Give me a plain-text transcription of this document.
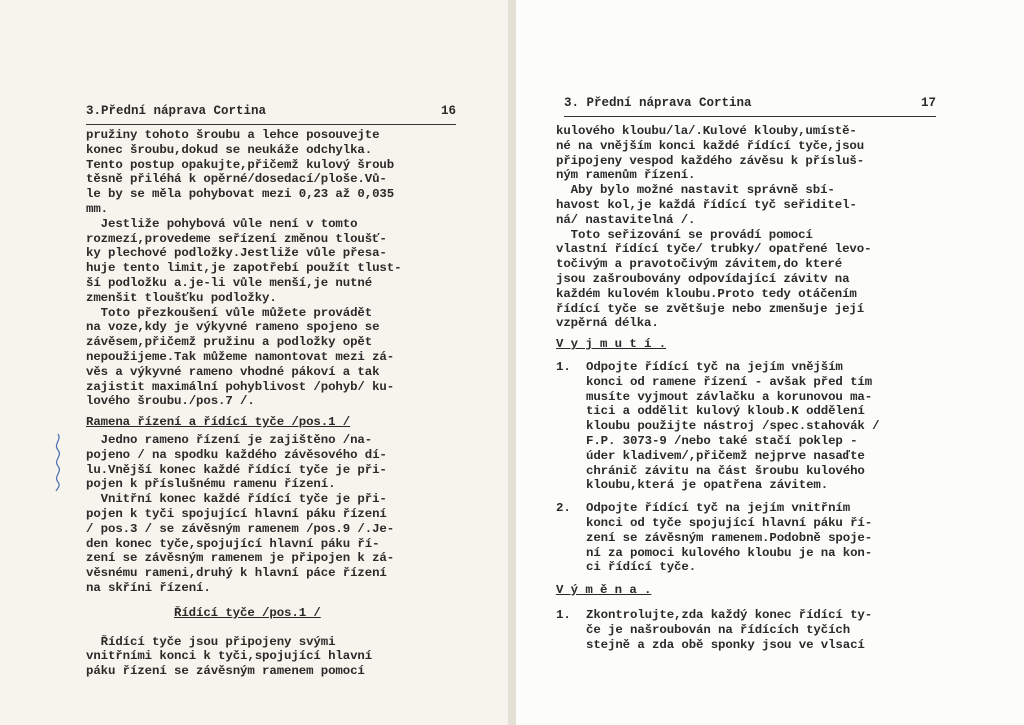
3.Přední náprava Cortina	16
pružiny tohoto šroubu a lehce posouvejte
konec šroubu,dokud se neukáže odchylka.
Tento postup opakujte,přičemž kulový šroub
těsně přiléhá k opěrné/dosedací/ploše.Vů-
le by se měla pohybovat mezi 0,23 až 0,035
mm.
Jestliže pohybová vůle není v tomto
rozmezí,provedeme seřízení změnou tloušť-
ky plechové podložky.Jestliže vůle přesa-
huje tento limit,je zapotřebí použít tlust-
ší podložku a.je-li vůle menší,je nutné
zmenšit tloušťku podložky.
Toto přezkoušení vůle můžete provádět
na voze,kdy je výkyvné rameno spojeno se
závěsem,přičemž pružinu a podložky opět
nepoužijeme.Tak můžeme namontovat mezi zá-
věs a výkyvné rameno vhodné pákoví a tak
zajistit maximální pohyblivost /pohyb/ ku-
lového šroubu./pos.7 /.
Ramena řízení a řídící tyče /pos.1 /
Jedno rameno řízení je zajištěno /na-
pojeno / na spodku každého závěsového dí-
lu.Vnější konec každé řídící tyče je při-
pojen k příslušnému ramenu řízení.
Vnitřní konec každé řídící tyče je při-
pojen k tyči spojující hlavní páku řízení
/ pos.3 / se závěsným ramenem /pos.9 /.Je-
den konec tyče,spojující hlavní páku ří-
zení se závěsným ramenem je připojen k zá-
věsnému rameni,druhý k hlavní páce řízení
na skříni řízení.
Řídící tyče /pos.1 /
Řídící tyče jsou připojeny svými
vnitřními konci k tyči,spojující hlavní
páku řízení se závěsným ramenem pomocí
3. Přední náprava Cortina	17
kulového kloubu/la/.Kulové klouby,umístě-
né na vnějším konci každé řídící tyče,jsou
připojeny vespod každého závěsu k přísluš-
ným ramenům řízení.
Aby bylo možné nastavit správně sbí-
havost kol,je každá řídící tyč seřiditel-
ná/ nastavitelná /.
Toto seřizování se provádí pomocí
vlastní řídící tyče/ trubky/ opatřené levo-
točivým a pravotočivým závitem,do které
jsou zašroubovány odpovídající závitv na
každém kulovém kloubu.Proto tedy otáčením
řídící tyče se zvětšuje nebo zmenšuje její
vzpěrná délka.
V y j m u t í .
1.	Odpojte řídící tyč na jejím vnějším
konci od ramene řízení - avšak před tím
musíte vyjmout závlačku a korunovou ma-
tici a oddělit kulový kloub.K oddělení
kloubu použijte nástroj /spec.stahovák /
F.P. 3073-9 /nebo také stačí poklep -
úder kladivem/,přičemž nejprve nasaďte
chránič závitu na část šroubu kulového
kloubu,která je opatřena závitem.
2.	Odpojte řídící tyč na jejím vnitřním
konci od tyče spojující hlavní páku ří-
zení se závěsným ramenem.Podobně spoje-
ní za pomoci kulového kloubu je na kon-
ci řídící tyče.
V ý m ě n a .
1.	Zkontrolujte,zda každý konec řídící ty-
če je našroubován na řídících tyčích
stejně a zda obě sponky jsou ve vlsací
